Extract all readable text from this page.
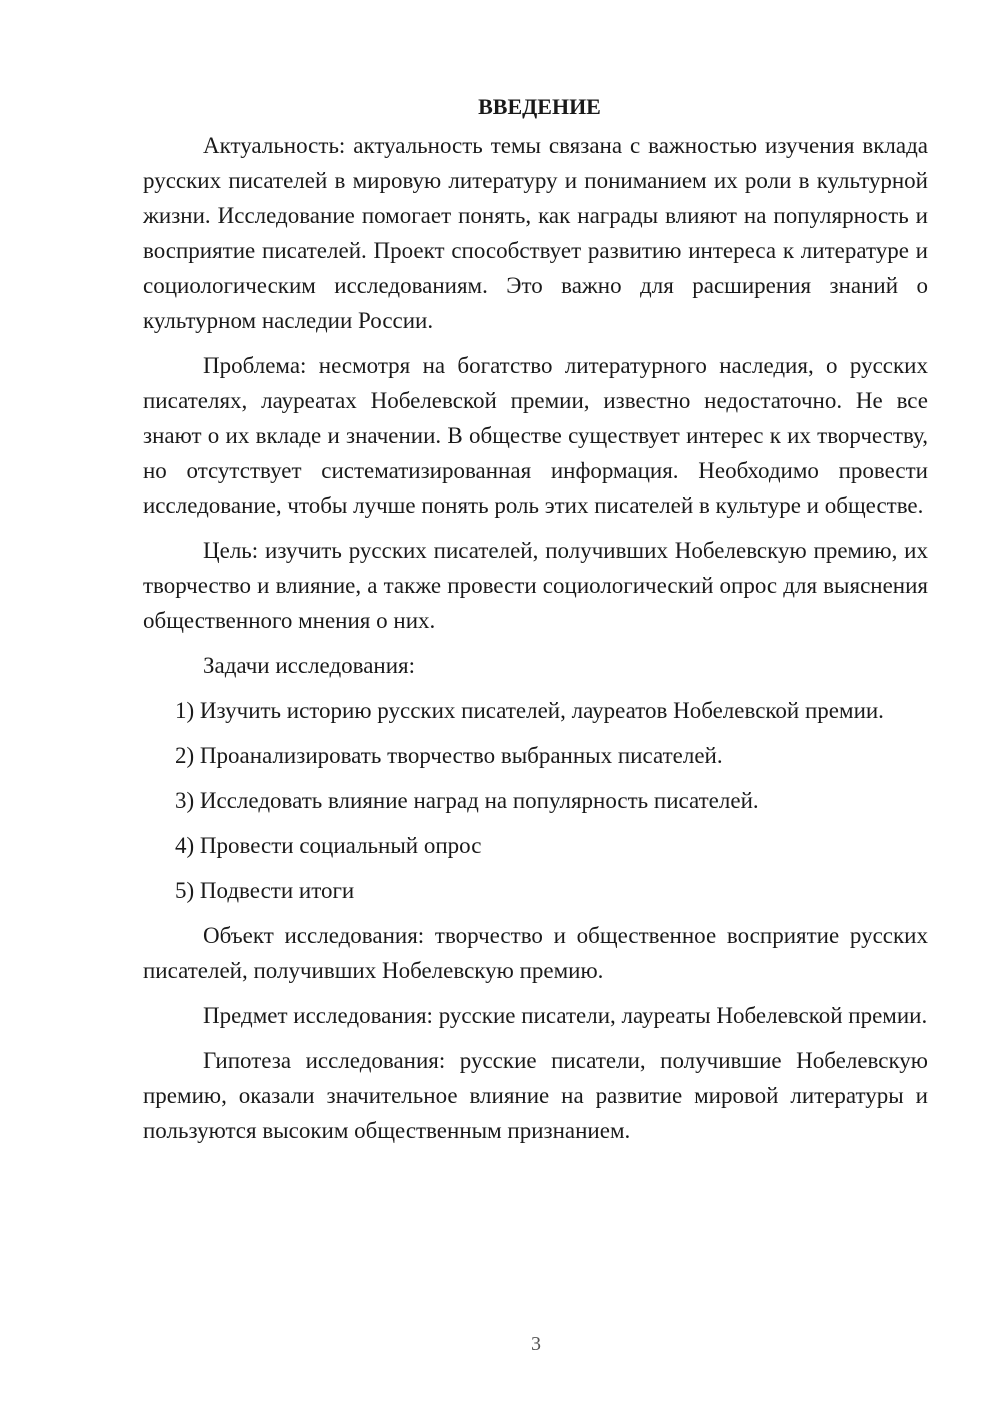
ВВЕДЕНИЕ

Актуальность: актуальность темы связана с важностью изучения вклада русских писателей в мировую литературу и пониманием их роли в культурной жизни. Исследование помогает понять, как награды влияют на популярность и восприятие писателей. Проект способствует развитию интереса к литературе и социологическим исследованиям. Это важно для расширения знаний о культурном наследии России.

Проблема: несмотря на богатство литературного наследия, о русских писателях, лауреатах Нобелевской премии, известно недостаточно. Не все знают о их вкладе и значении. В обществе существует интерес к их творчеству, но отсутствует систематизированная информация. Необходимо провести исследование, чтобы лучше понять роль этих писателей в культуре и обществе.

Цель: изучить русских писателей, получивших Нобелевскую премию, их творчество и влияние, а также провести социологический опрос для выяснения общественного мнения о них.

Задачи исследования:

1) Изучить историю русских писателей, лауреатов Нобелевской премии.

2) Проанализировать творчество выбранных писателей.

3) Исследовать влияние наград на популярность писателей.

4) Провести социальный опрос

5) Подвести итоги

Объект исследования: творчество и общественное восприятие русских писателей, получивших Нобелевскую премию.

Предмет исследования: русские писатели, лауреаты Нобелевской премии.

Гипотеза исследования: русские писатели, получившие Нобелевскую премию, оказали значительное влияние на развитие мировой литературы и пользуются высоким общественным признанием.

3
